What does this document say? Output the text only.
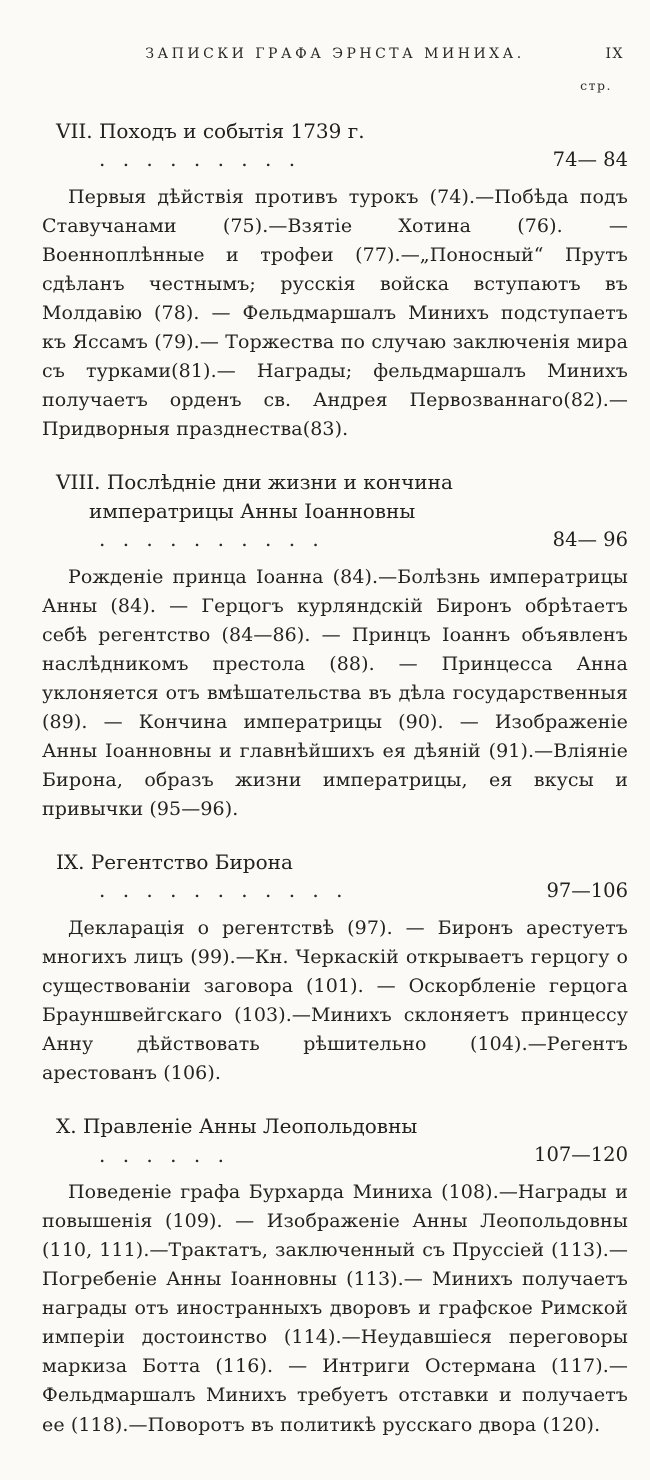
ЗАПИСКИ ГРАФА ЭРНСТА МИНИХА.	IX
стр.
VII. Походъ и событія 1739 г. . . . . . . . . .	74— 84

Первыя дѣйствія противъ турокъ (74).—Побѣда подъ Ставучанами (75).—Взятіе Хотина (76). — Военноплѣнные и трофеи (77).—„Поносный“ Прутъ сдѣланъ честнымъ; русскія войска вступаютъ въ Молдавію (78). — Фельдмаршалъ Минихъ подступаетъ къ Яссамъ (79).— Торжества по случаю заключенія мира съ турками(81).— Награды; фельдмаршалъ Минихъ получаетъ орденъ св. Андрея Первозваннаго(82).—Придворныя празднества(83).

VIII. Послѣдніе дни жизни и кончина императрицы Анны Іоанновны . . . . . . . . . .	84— 96

Рожденіе принца Іоанна (84).—Болѣзнь императрицы Анны (84). — Герцогъ курляндскій Биронъ обрѣтаетъ себѣ регентство (84—86). — Принцъ Іоаннъ объявленъ наслѣдникомъ престола (88). — Принцесса Анна уклоняется отъ вмѣшательства въ дѣла государственныя (89). — Кончина императрицы (90). — Изображеніе Анны Іоанновны и главнѣйшихъ ея дѣяній (91).—Вліяніе Бирона, образъ жизни императрицы, ея вкусы и привычки (95—96).

IX. Регентство Бирона . . . . . . . . . . .	97—106

Декларація о регентствѣ (97). — Биронъ арестуетъ многихъ лицъ (99).—Кн. Черкаскій открываетъ герцогу о существованіи заговора (101). — Оскорбленіе герцога Брауншвейгскаго (103).—Минихъ склоняетъ принцессу Анну дѣйствовать рѣшительно (104).—Регентъ арестованъ (106).

X. Правленіе Анны Леопольдовны . . . . . .	107—120

Поведеніе графа Бурхарда Миниха (108).—Награды и повышенія (109). — Изображеніе Анны Леопольдовны (110, 111).—Трактатъ, заключенный съ Пруссіей (113).—Погребеніе Анны Іоанновны (113).— Минихъ получаетъ награды отъ иностранныхъ дворовъ и графское Римской имперіи достоинство (114).—Неудавшіеся переговоры маркиза Ботта (116). — Интриги Остермана (117).—Фельдмаршалъ Минихъ требуетъ отставки и получаетъ ее (118).—Поворотъ въ политикѣ русскаго двора (120).
